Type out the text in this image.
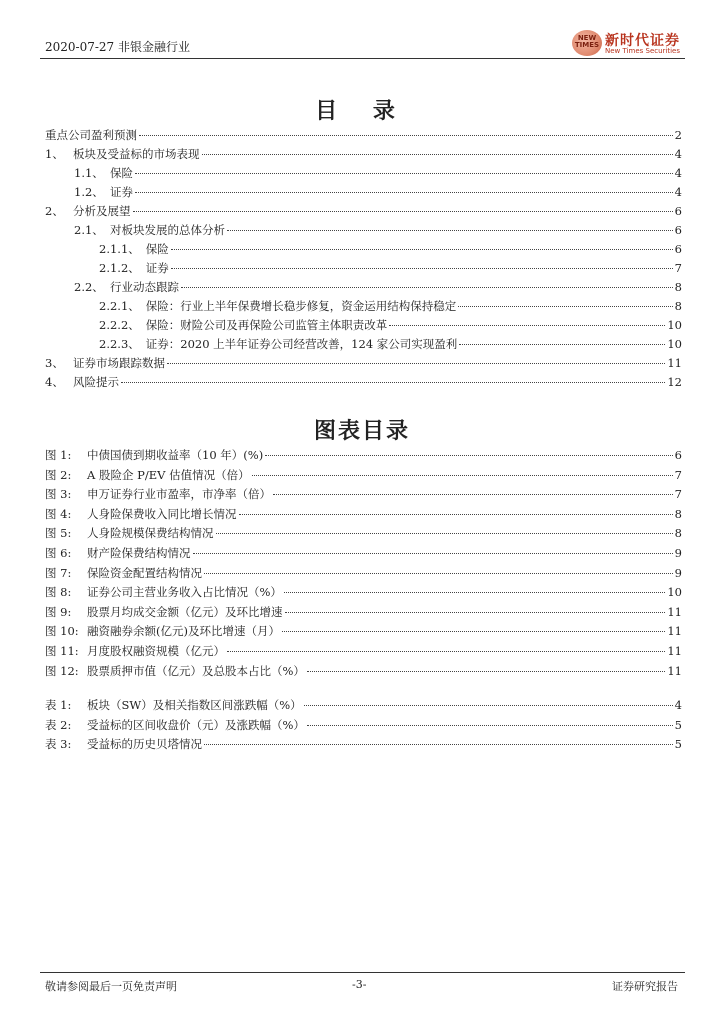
2020-07-27 非银金融行业
NEW TIMES 新时代证券
New Times Securities
目 录
重点公司盈利预测	2
1、 板块及受益标的市场表现	4
1.1、 保险	4
1.2、 证券	4
2、 分析及展望	6
2.1、 对板块发展的总体分析	6
2.1.1、 保险	6
2.1.2、 证券	7
2.2、 行业动态跟踪	8
2.2.1、 保险：行业上半年保费增长稳步修复，资金运用结构保持稳定	8
2.2.2、 保险：财险公司及再保险公司监管主体职责改革	10
2.2.3、 证券：2020 上半年证券公司经营改善，124 家公司实现盈利	10
3、 证券市场跟踪数据	11
4、 风险提示	12
图表目录
图 1:	中债国债到期收益率（10 年）(%)	6
图 2:	A 股险企 P/EV 估值情况（倍）	7
图 3:	申万证券行业市盈率，市净率（倍）	7
图 4:	人身险保费收入同比增长情况	8
图 5:	人身险规模保费结构情况	8
图 6:	财产险保费结构情况	9
图 7:	保险资金配置结构情况	9
图 8:	证券公司主营业务收入占比情况（%）	10
图 9:	股票月均成交金额（亿元）及环比增速	11
图 10: 融资融券余额(亿元)及环比增速（月）	11
图 11: 月度股权融资规模（亿元）	11
图 12: 股票质押市值（亿元）及总股本占比（%）	11
表 1:	板块（SW）及相关指数区间涨跌幅（%）	4
表 2:	受益标的区间收盘价（元）及涨跌幅（%）	5
表 3:	受益标的历史贝塔情况	5
敬请参阅最后一页免责声明	-3-	证券研究报告
